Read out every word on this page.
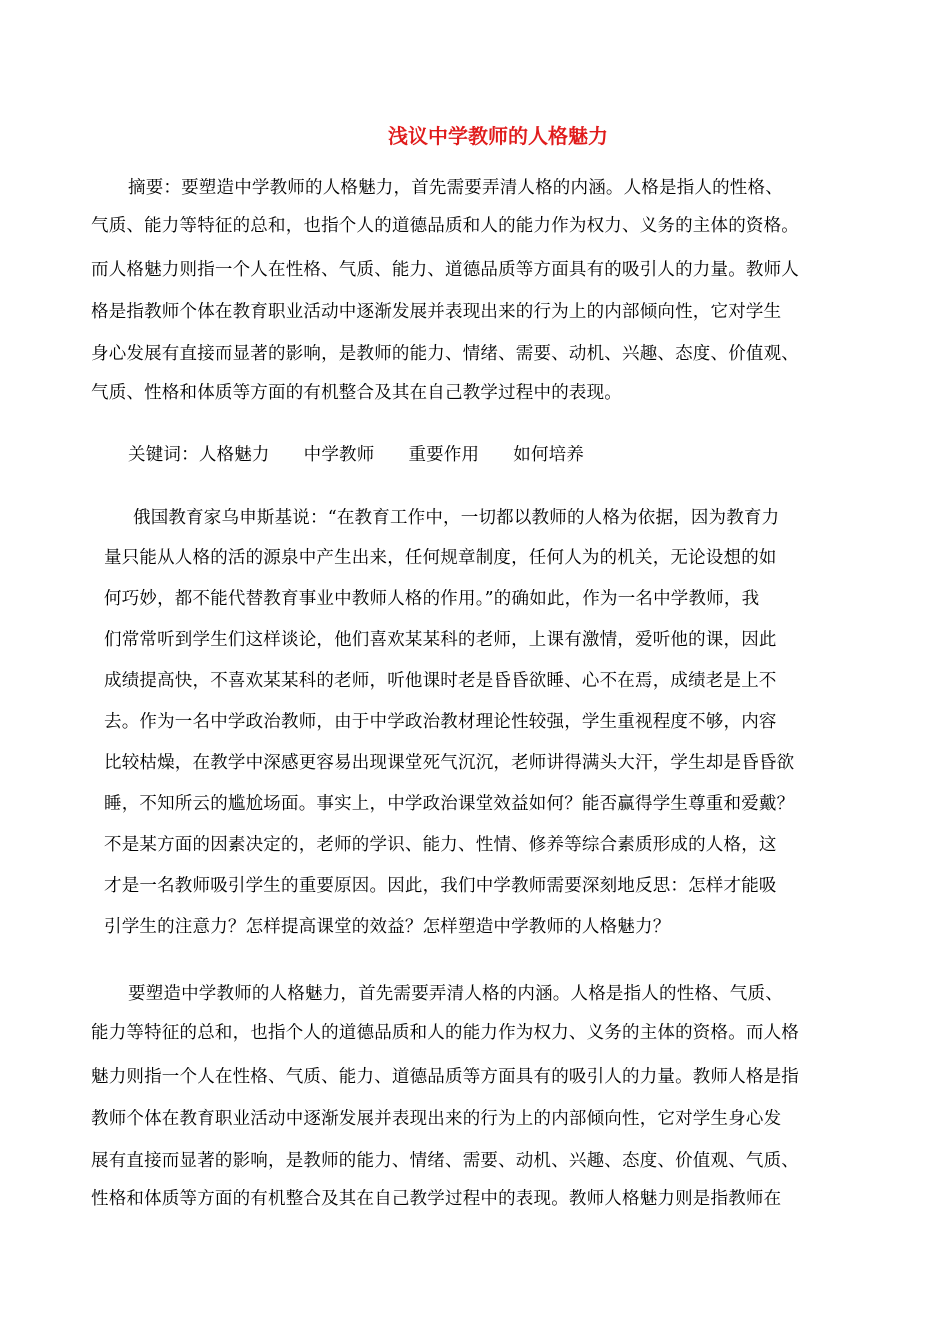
浅议中学教师的人格魅力
摘要：要塑造中学教师的人格魅力，首先需要弄清人格的内涵。人格是指人的性格、
气质、能力等特征的总和，也指个人的道德品质和人的能力作为权力、义务的主体的资格。
而人格魅力则指一个人在性格、气质、能力、道德品质等方面具有的吸引人的力量。教师人
格是指教师个体在教育职业活动中逐渐发展并表现出来的行为上的内部倾向性，它对学生
身心发展有直接而显著的影响，是教师的能力、情绪、需要、动机、兴趣、态度、价值观、
气质、性格和体质等方面的有机整合及其在自己教学过程中的表现。
关键词：人格魅力 中学教师 重要作用 如何培养
俄国教育家乌申斯基说：“在教育工作中，一切都以教师的人格为依据，因为教育力
量只能从人格的活的源泉中产生出来，任何规章制度，任何人为的机关，无论设想的如
何巧妙，都不能代替教育事业中教师人格的作用。”的确如此，作为一名中学教师，我
们常常听到学生们这样谈论，他们喜欢某某科的老师，上课有激情，爱听他的课，因此
成绩提高快，不喜欢某某科的老师，听他课时老是昏昏欲睡、心不在焉，成绩老是上不
去。作为一名中学政治教师，由于中学政治教材理论性较强，学生重视程度不够，内容
比较枯燥，在教学中深感更容易出现课堂死气沉沉，老师讲得满头大汗，学生却是昏昏欲
睡，不知所云的尴尬场面。事实上，中学政治课堂效益如何？能否赢得学生尊重和爱戴？
不是某方面的因素决定的，老师的学识、能力、性情、修养等综合素质形成的人格，这
才是一名教师吸引学生的重要原因。因此，我们中学教师需要深刻地反思：怎样才能吸
引学生的注意力？怎样提高课堂的效益？怎样塑造中学教师的人格魅力？
要塑造中学教师的人格魅力，首先需要弄清人格的内涵。人格是指人的性格、气质、
能力等特征的总和，也指个人的道德品质和人的能力作为权力、义务的主体的资格。而人格
魅力则指一个人在性格、气质、能力、道德品质等方面具有的吸引人的力量。教师人格是指
教师个体在教育职业活动中逐渐发展并表现出来的行为上的内部倾向性，它对学生身心发
展有直接而显著的影响，是教师的能力、情绪、需要、动机、兴趣、态度、价值观、气质、
性格和体质等方面的有机整合及其在自己教学过程中的表现。教师人格魅力则是指教师在
